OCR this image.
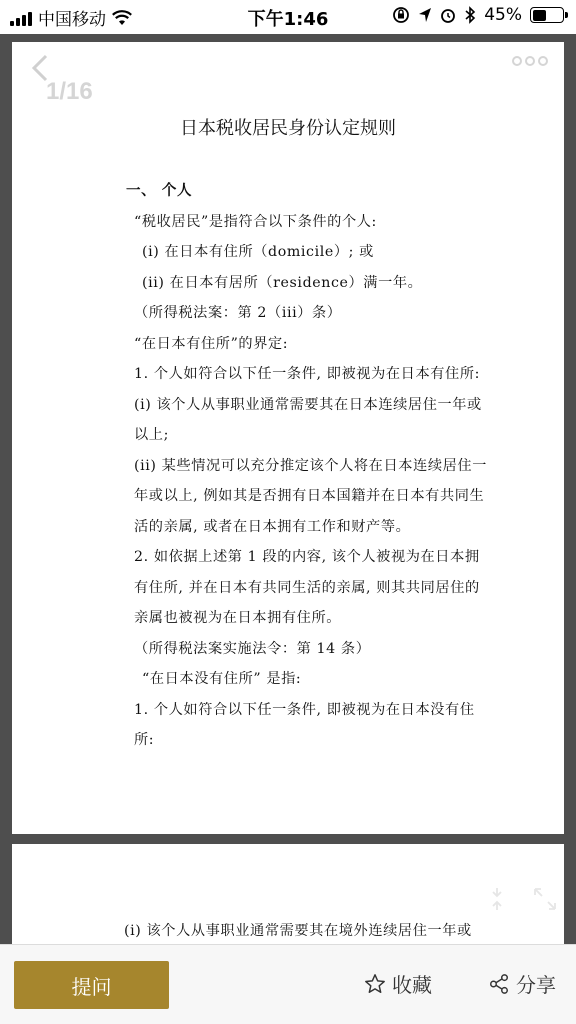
中国移动	下午1:46	45%
1/16
日本税收居民身份认定规则

一、 个人

“税收居民”是指符合以下条件的个人:

(i) 在日本有住所（domicile）; 或

(ii) 在日本有居所（residence）满一年。

（所得税法案：第 2（iii）条）

“在日本有住所”的界定:

1. 个人如符合以下任一条件, 即被视为在日本有住所:

(i) 该个人从事职业通常需要其在日本连续居住一年或以上;

(ii) 某些情况可以充分推定该个人将在日本连续居住一年或以上, 例如其是否拥有日本国籍并在日本有共同生活的亲属, 或者在日本拥有工作和财产等。

2. 如依据上述第 1 段的内容, 该个人被视为在日本拥有住所, 并在日本有共同生活的亲属, 则其共同居住的亲属也被视为在日本拥有住所。

（所得税法案实施法令：第 14 条）

“在日本没有住所” 是指:

1. 个人如符合以下任一条件, 即被视为在日本没有住所:

(i) 该个人从事职业通常需要其在境外连续居住一年或
提问	收藏	分享
